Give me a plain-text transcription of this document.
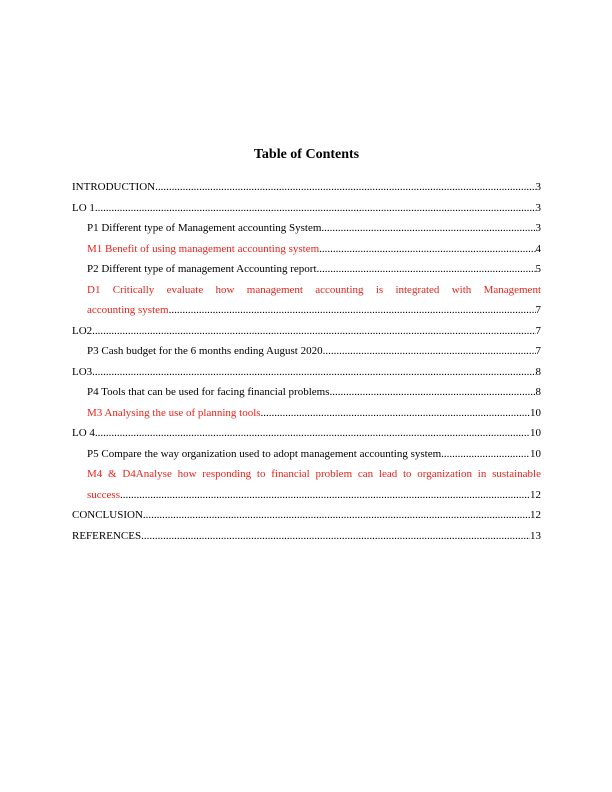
Table of Contents
INTRODUCTION .....	3
LO 1 .....	3
P1 Different type of Management accounting System .....	3
M1 Benefit of using management accounting system .....	4
P2 Different type of management Accounting report .....	5
D1 Critically evaluate how management accounting is integrated with Management
accounting system .....	7
LO2 .....	7
P3 Cash budget for the 6 months ending August 2020 .....	7
LO3 .....	8
P4 Tools that can be used for facing financial problems .....	8
M3 Analysing the use of planning tools .....	10
LO 4 .....	10
P5 Compare the way organization used to adopt management accounting system .....	10
M4 & D4Analyse how responding to financial problem can lead to organization in sustainable
success .....	12
CONCLUSION .....	12
REFERENCES .....	13
